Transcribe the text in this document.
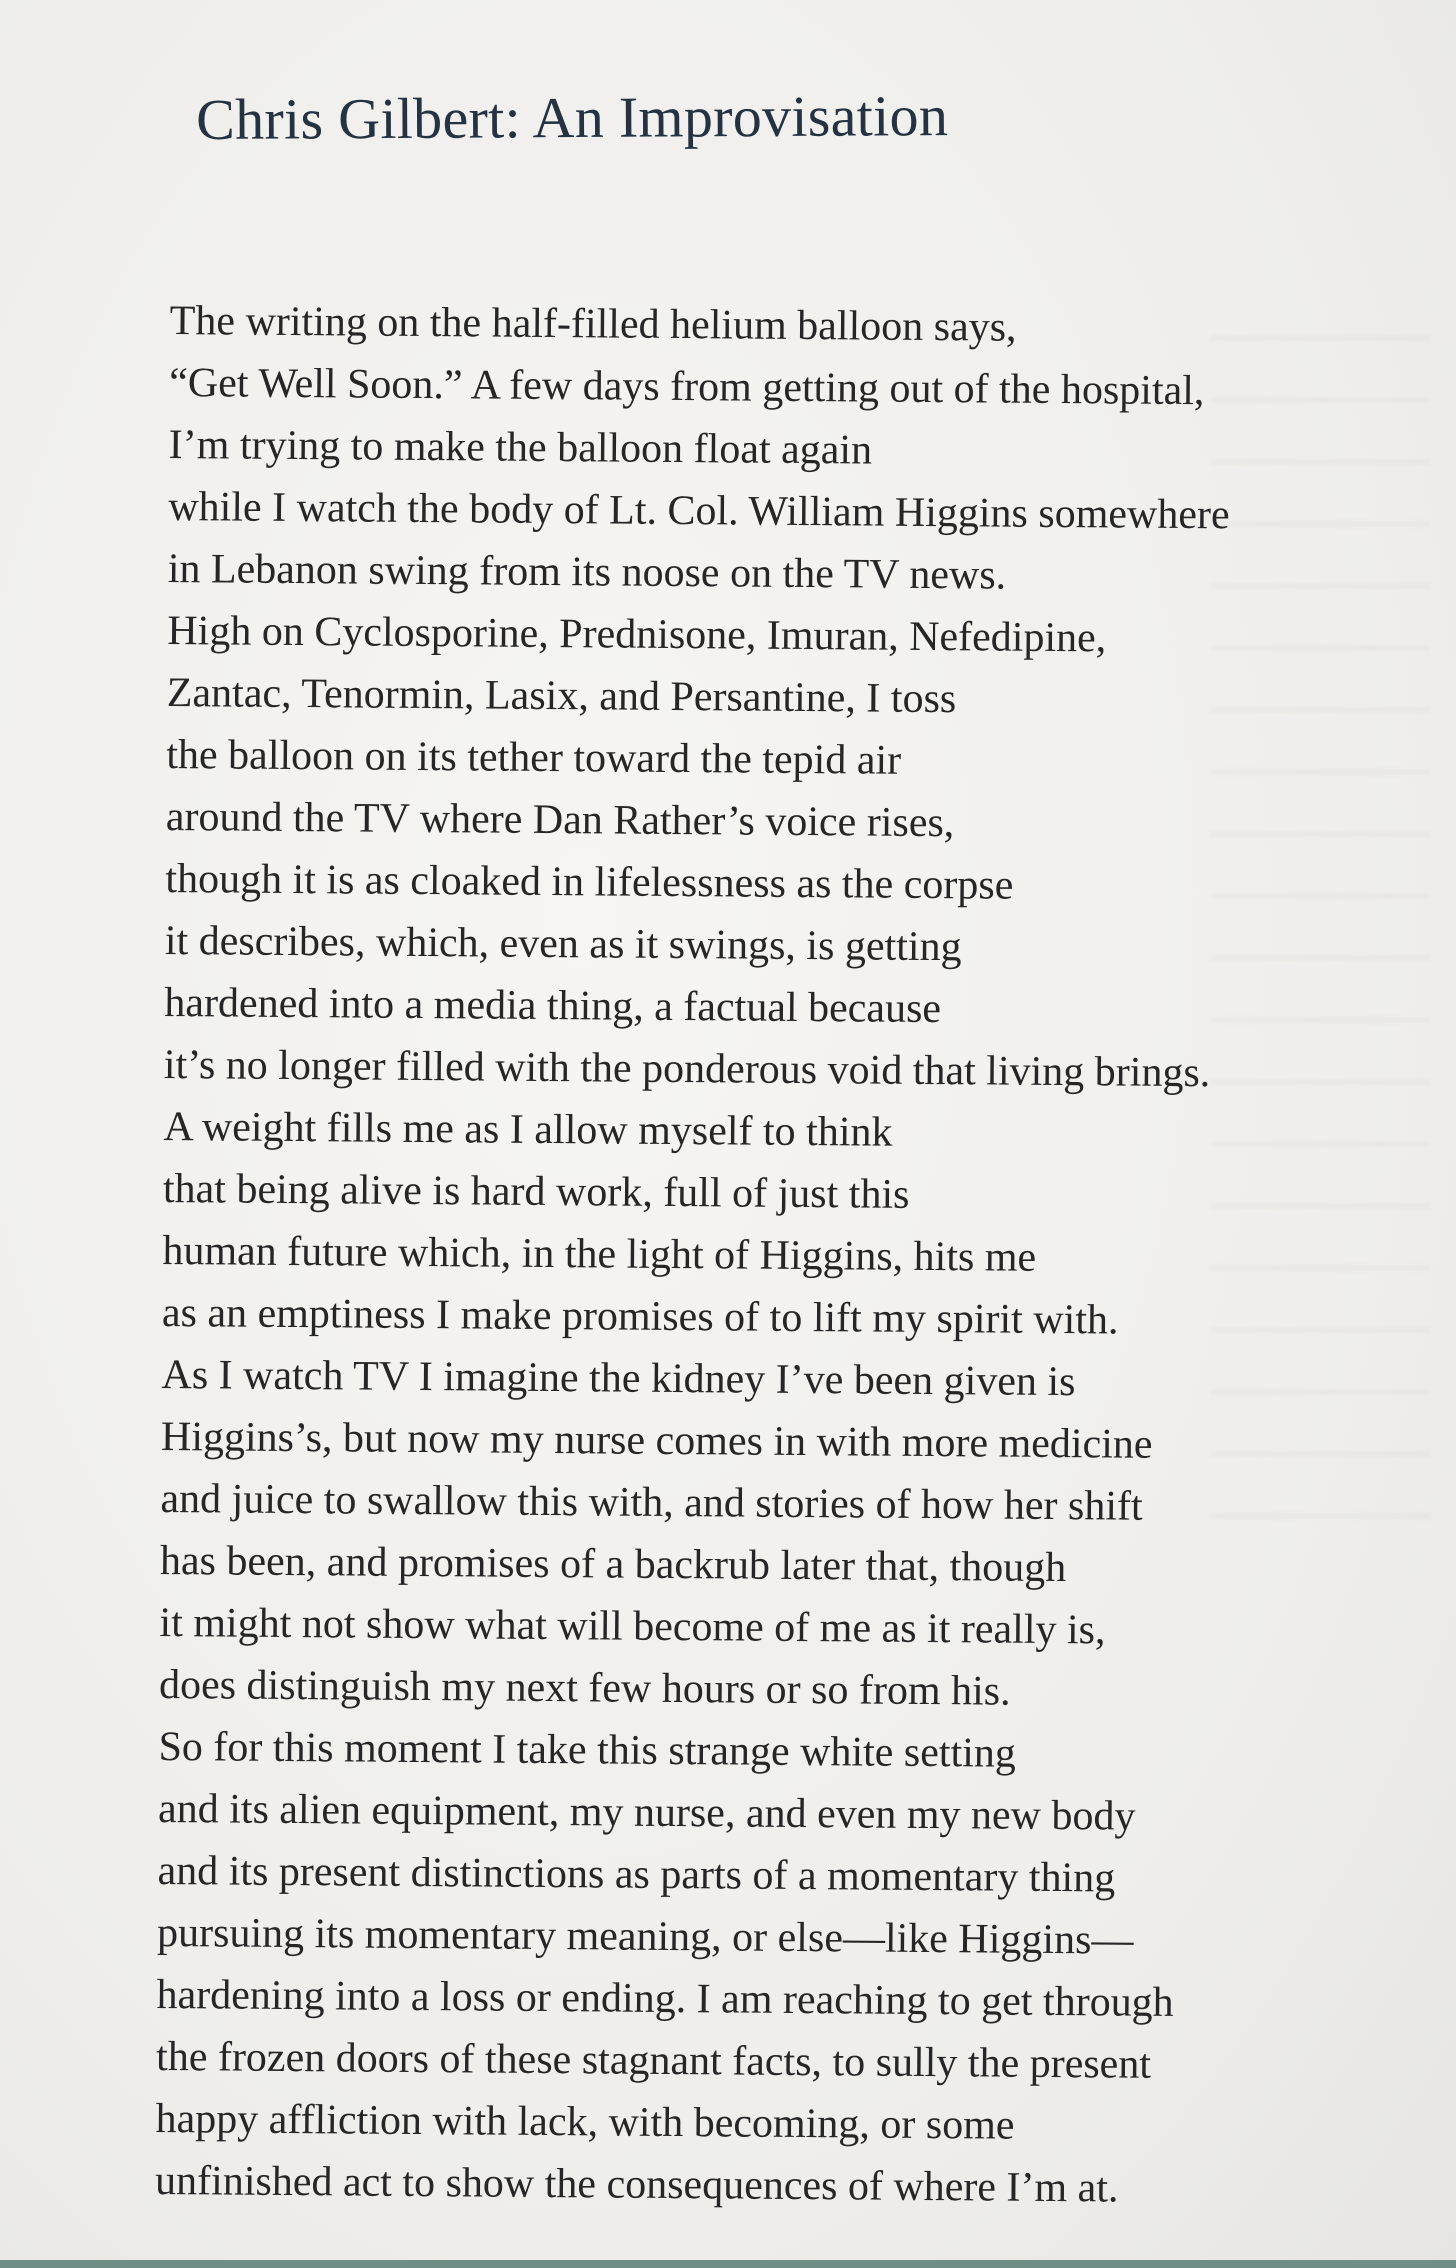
Chris Gilbert: An Improvisation
The writing on the half-filled helium balloon says,
“Get Well Soon.” A few days from getting out of the hospital,
I’m trying to make the balloon float again
while I watch the body of Lt. Col. William Higgins somewhere
in Lebanon swing from its noose on the TV news.
High on Cyclosporine, Prednisone, Imuran, Nefedipine,
Zantac, Tenormin, Lasix, and Persantine, I toss
the balloon on its tether toward the tepid air
around the TV where Dan Rather’s voice rises,
though it is as cloaked in lifelessness as the corpse
it describes, which, even as it swings, is getting
hardened into a media thing, a factual because
it’s no longer filled with the ponderous void that living brings.
A weight fills me as I allow myself to think
that being alive is hard work, full of just this
human future which, in the light of Higgins, hits me
as an emptiness I make promises of to lift my spirit with.
As I watch TV I imagine the kidney I’ve been given is
Higgins’s, but now my nurse comes in with more medicine
and juice to swallow this with, and stories of how her shift
has been, and promises of a backrub later that, though
it might not show what will become of me as it really is,
does distinguish my next few hours or so from his.
So for this moment I take this strange white setting
and its alien equipment, my nurse, and even my new body
and its present distinctions as parts of a momentary thing
pursuing its momentary meaning, or else—like Higgins—
hardening into a loss or ending. I am reaching to get through
the frozen doors of these stagnant facts, to sully the present
happy affliction with lack, with becoming, or some
unfinished act to show the consequences of where I’m at.
